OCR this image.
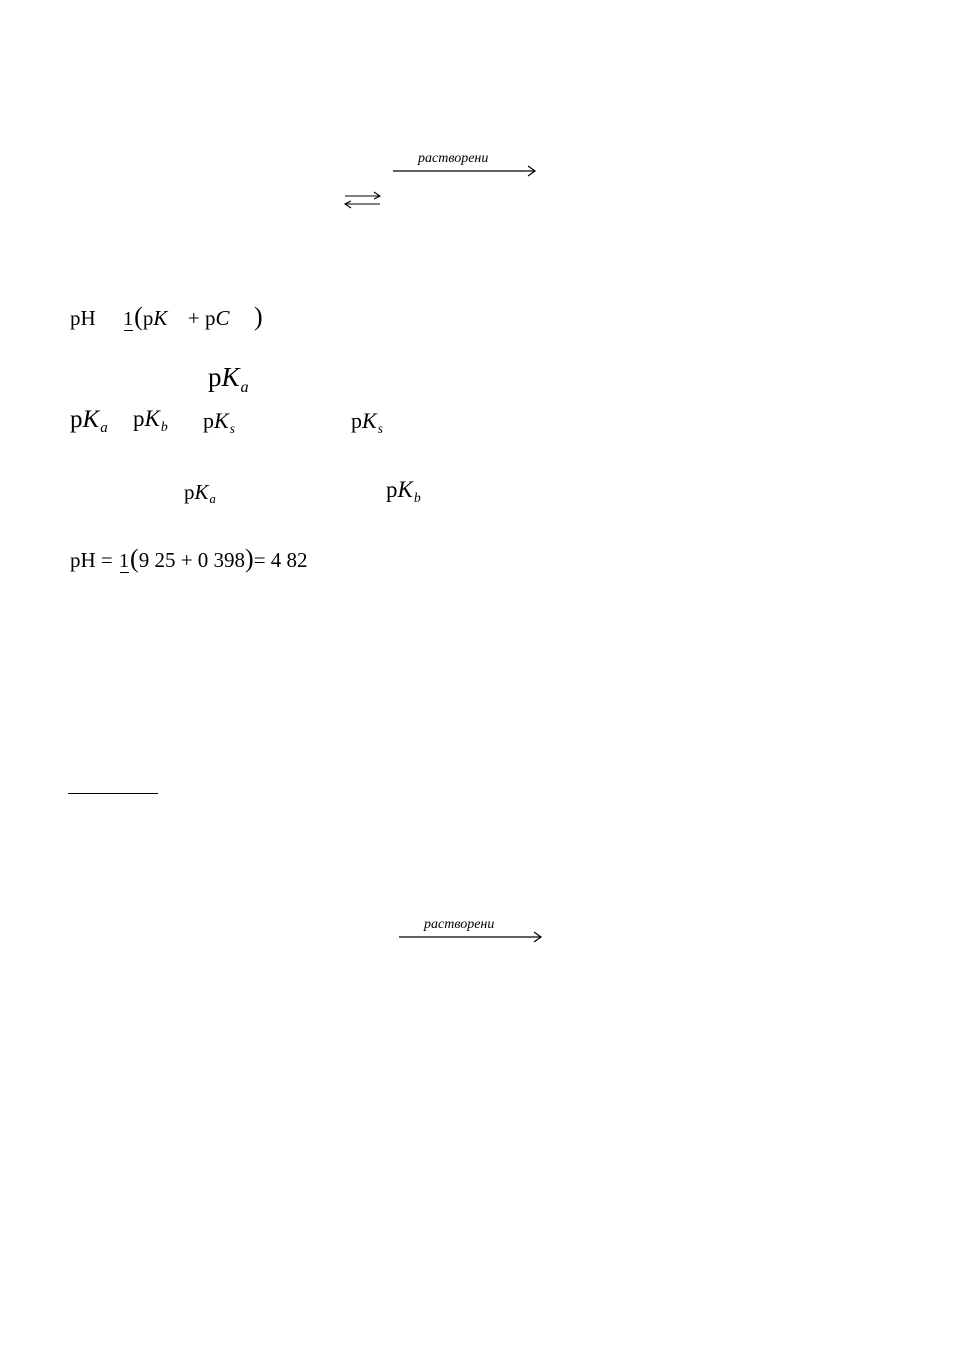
растворени
pH 1 (pK + pC )
$pK_a$
$pK_a$ $pK_b$ $pK_s$	$pK_s$
$pK_a$	$pK_b$
pH = 1 (9 25 + 0 398)= 4 82
растворени
